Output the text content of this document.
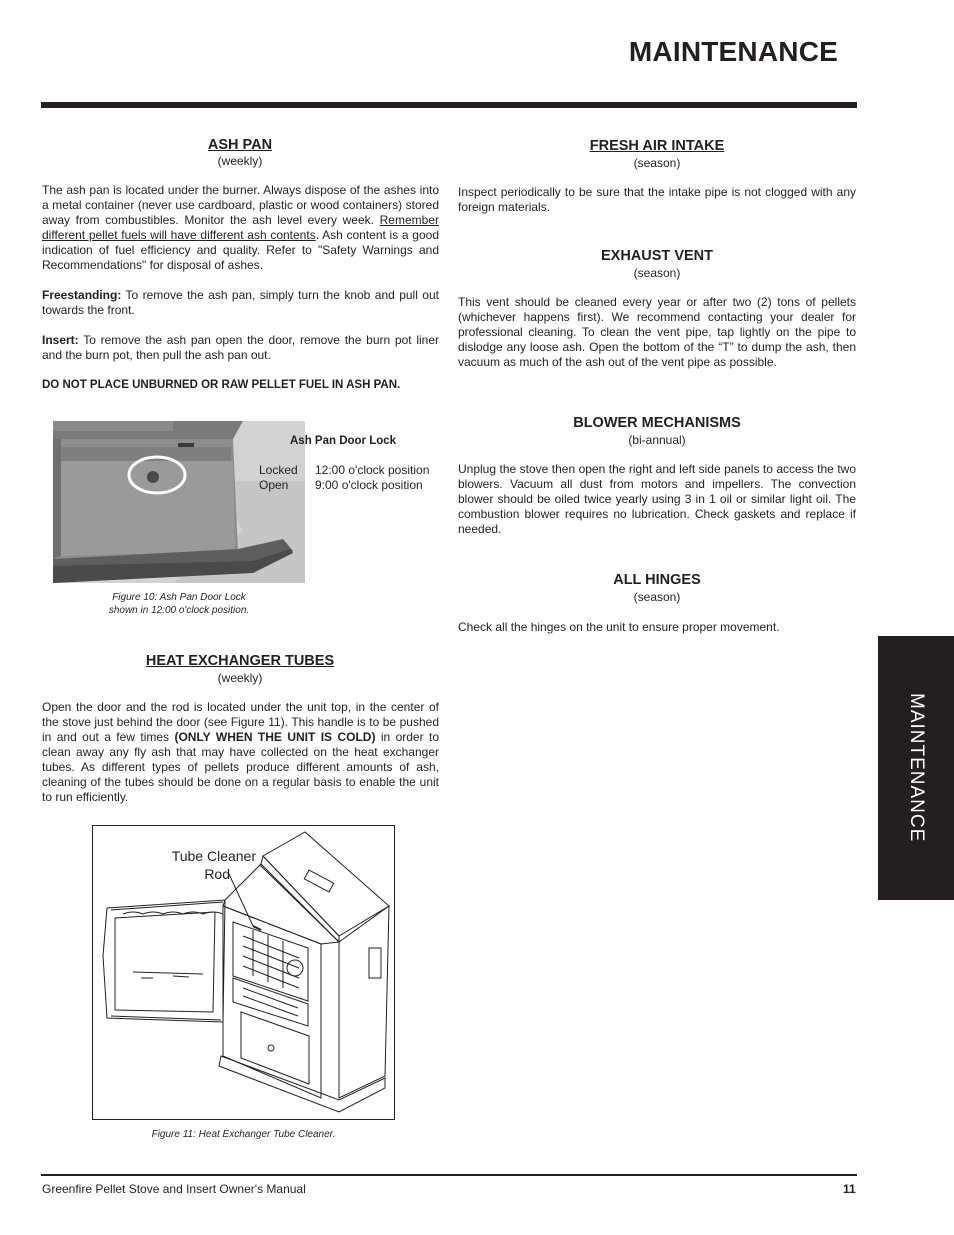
MAINTENANCE
ASH PAN
(weekly)
The ash pan is located under the burner. Always dispose of the ashes into a metal container (never use cardboard, plastic or wood containers) stored away from combustibles. Monitor the ash level every week. Remember different pellet fuels will have different ash contents. Ash content is a good indication of fuel efficiency and quality. Refer to "Safety Warnings and Recommendations" for disposal of ashes.
Freestanding: To remove the ash pan, simply turn the knob and pull out towards the front.
Insert: To remove the ash pan open the door, remove the burn pot liner and the burn pot, then pull the ash pan out.
DO NOT PLACE UNBURNED OR RAW PELLET FUEL IN ASH PAN.
Ash Pan Door Lock
Locked 12:00 o'clock position
Open 9:00 o'clock position
Figure 10: Ash Pan Door Lock
shown in 12:00 o'clock position.
HEAT EXCHANGER TUBES
(weekly)
Open the door and the rod is located under the unit top, in the center of the stove just behind the door (see Figure 11). This handle is to be pushed in and out a few times (ONLY WHEN THE UNIT IS COLD) in order to clean away any fly ash that may have collected on the heat exchanger tubes. As different types of pellets produce different amounts of ash, cleaning of the tubes should be done on a regular basis to enable the unit to run efficiently.
Tube Cleaner
Rod
Figure 11: Heat Exchanger Tube Cleaner.
FRESH AIR INTAKE
(season)
Inspect periodically to be sure that the intake pipe is not clogged with any foreign materials.
EXHAUST VENT
(season)
This vent should be cleaned every year or after two (2) tons of pellets (whichever happens first). We recommend contacting your dealer for professional cleaning. To clean the vent pipe, tap lightly on the pipe to dislodge any loose ash. Open the bottom of the “T” to dump the ash, then vacuum as much of the ash out of the vent pipe as possible.
BLOWER MECHANISMS
(bi-annual)
Unplug the stove then open the right and left side panels to access the two blowers. Vacuum all dust from motors and impellers. The convection blower should be oiled twice yearly using 3 in 1 oil or similar light oil. The combustion blower requires no lubrication. Check gaskets and replace if needed.
ALL HINGES
(season)
Check all the hinges on the unit to ensure proper movement.
MAINTENANCE
Greenfire Pellet Stove and Insert Owner's Manual	11
